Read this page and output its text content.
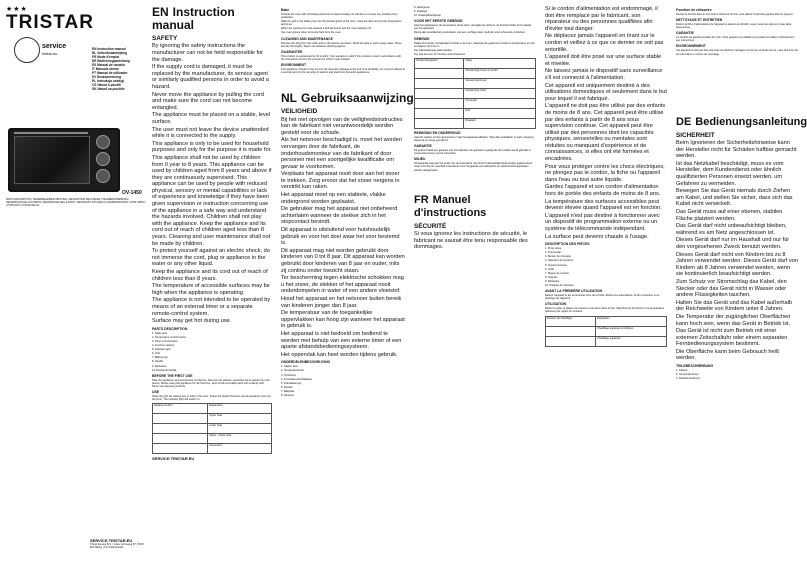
★★★
TRISTAR
service
tristar.eu
EN Instruction manual
NL Gebruiksaanwijzing
FR Mode d'emploi
DE Bedienungsanleitung
ES Manual de usuario
IT Manuale utente
PT Manual de utilizador
SV Bruksanvisning
PL Instrukcja obsługi
CS Návod k použití
SK Návod na použitie
OV-1450
PARTS DESCRIPTION | ONDERDELENBESCHRIJVING | DESCRIPTION DES PIÈCES | TEILEBESCHREIBUNG | DESCRIPCIÓN DE LAS PIEZAS | DESCRIZIONE DELLE PARTI | DESCRIÇÃO DAS PEÇAS | DELBESKRIVNING | OPIS CZĘŚCI | POPIS DÍLŮ | POPIS DIELOV
SERVICE.TRISTAR.EU
Tristar Europe B.V. | Jules Verneweg 87 | 5015 BH Tilburg | The Netherlands
EN Instruction manual
SAFETY
By ignoring the safety instructions the manufacturer can not be held responsible for the damage.
If the supply cord is damaged, it must be replaced by the manufacturer, its service agent or similarly qualified persons in order to avoid a hazard.
Never move the appliance by pulling the cord and make sure the cord can not become entangled.
The appliance must be placed on a stable, level surface.
The user must not leave the device unattended while it is connected to the supply.
This appliance is only to be used for household purposes and only for the purpose it is made for.
This appliance shall not be used by children from 0 year to 8 years. This appliance can be used by children aged from 8 years and above if they are continuously supervised. This appliance can be used by people with reduced physical, sensory or mental capabilities or lack of experience and knowledge if they have been given supervision or instruction concerning use of the appliance in a safe way and understand the hazards involved. Children shall not play with the appliance. Keep the appliance and its cord out of reach of children aged less than 8 years. Cleaning and user maintenance shall not be made by children.
To protect yourself against an electric shock, do not immerse the cord, plug or appliance in the water or any other liquid.
Keep the appliance and its cord out of reach of children less than 8 years.
The temperature of accessible surfaces may be high when the appliance is operating.
The appliance is not intended to be operated by means of an external timer or a separate remote-control system.
Surface may get hot during use.
PARTS DESCRIPTION
1. Glass door
2. Temperature control button
3. Timer control button
4. Function selector
5. Indicator light
6. Grill
7. Baking tray
8. Handle
9. Rotisserie
10. Rotisserie handle
BEFORE THE FIRST USE
Take the appliance and accessories out the box. Remove the stickers, protective foil or plastic from the device. Before using the appliance for the first time, wipe off all removable parts with a damp cloth. Never use abrasive products.
USE
Place the grill, the baking tray or both in the oven. Select the desired function and temperature, then set the timer. The indicator light will switch on.
Heating position	Explanation
	Upper heat
	Lower heat
	Upper + lower heat
	Convection
SERVICE.TRISTAR.EU
Bake
Preheat the oven with all heating elements for approximately 10 minutes to remove any residues from production.
Slide the grill or the baking tray into the desired guide of the oven, close the door and set the temperature and timer.
When the cooking time has elapsed a bell will sound and the oven switches off.
Use oven gloves when removing food from the oven.
CLEANING AND MAINTENANCE
Remove the plug from the outlet and let the device cool down. Wash all parts in warm soapy water. Rinse and dry thoroughly. Never use abrasive cleaning agents.
GUARANTEE
This product is guaranteed for 24 months. Your warranty is valid if the product is used in accordance with the instructions and for the purpose for which it was created.
ENVIRONMENT
This appliance should not be put into the domestic garbage at the end of its durability, but must be offered at a central point for the recycling of electric and electronic domestic appliances.
NL Gebruiksaanwijzing
VEILIGHEID
Bij het niet opvolgen van de veiligheidsinstructies kan de fabrikant niet verantwoordelijk worden gesteld voor de schade.
Als het netsnoer beschadigd is, moet het worden vervangen door de fabrikant, de onderhoudsmonteur van de fabrikant of door personen met een soortgelijke kwalificatie om gevaar te voorkomen.
Verplaats het apparaat nooit door aan het snoer te trekken. Zorg ervoor dat het snoer nergens in verstrikt kan raken.
Het apparaat moet op een stabiele, vlakke ondergrond worden geplaatst.
De gebruiker mag het apparaat niet onbeheerd achterlaten wanneer de stekker zich in het stopcontact bevindt.
Dit apparaat is uitsluitend voor huishoudelijk gebruik en voor het doel waar het voor bestemd is.
Dit apparaat mag niet worden gebruikt door kinderen van 0 tot 8 jaar. Dit apparaat kan worden gebruikt door kinderen van 8 jaar en ouder, mits zij continu onder toezicht staan.
Ter bescherming tegen elektrische schokken mag u het snoer, de stekker of het apparaat nooit onderdompelen in water of een andere vloeistof.
Houd het apparaat en het netsnoer buiten bereik van kinderen jonger dan 8 jaar.
De temperatuur van de toegankelijke oppervlakken kan hoog zijn wanneer het apparaat in gebruik is.
Het apparaat is niet bedoeld om bediend te worden met behulp van een externe timer of een aparte afstandsbedieningssysteem.
Het oppervlak kan heet worden tijdens gebruik.
ONDERDELENBESCHRIJVING
1. Glazen deur
2. Temperatuurknop
3. Timerknop
4. Functiekeuzeschakelaar
5. Indicatielampje
6. Rooster
7. Bakplaat
8. Handvat
8. Handgreep
9. Draaispit
10. Draaispithandgreep
VOOR HET EERSTE GEBRUIK
Haal het apparaat en de accessoires uit de doos. Verwijder de stickers, de beschermfolie of het plastic van het apparaat.
Reinig alle verwijderbare onderdelen met een vochtige doek. Gebruik nooit schurende producten.
GEBRUIK
Plaats het rooster, de bakplaat of beide in de oven. Selecteer de gewenste functie en temperatuur en stel vervolgens de timer in.
Het indicatielampje gaat branden.
Tip: laat de oven 10 minuten voorverwarmen.
Verwarmingsstand	Uitleg
	Verwarming boven en onder
	Verwarming boven
	Verwarming onder
	Convectie
	Grill
	Draaispit
REINIGING EN ONDERHOUD
Haal de stekker uit het stopcontact en laat het apparaat afkoelen. Was alle onderdelen in warm zeepsop. Spoel na en droog grondig af.
GARANTIE
Dit product heeft een garantie van 24 maanden. De garantie is geldig als het product wordt gebruikt in overeenstemming met de instructies.
MILIEU
Dit apparaat mag aan het einde van de levensduur niet bij het huishoudelijk afval worden gedeponeerd, maar moet bij een speciaal inzamelpunt voor hergebruik van elektrische en elektronische apparaten worden aangeboden.
FR Manuel d'instructions
SÉCURITÉ
Si vous ignorez les instructions de sécurité, le fabricant ne saurait être tenu responsable des dommages.
Si le cordon d'alimentation est endommagé, il doit être remplacé par le fabricant, son réparateur ou des personnes qualifiées afin d'éviter tout danger.
Ne déplacez jamais l'appareil en tirant sur le cordon et veillez à ce que ce dernier ne soit pas entortillé.
L'appareil doit être posé sur une surface stable et nivelée.
Ne laissez jamais le dispositif sans surveillance s'il est connecté à l'alimentation.
Cet appareil est uniquement destiné à des utilisations domestiques et seulement dans le but pour lequel il est fabriqué.
L'appareil ne doit pas être utilisé par des enfants de moins de 8 ans. Cet appareil peut être utilisé par des enfants à partir de 8 ans sous supervision continue. Cet appareil peut être utilisé par des personnes dont les capacités physiques, sensorielles ou mentales sont réduites ou manquant d'expérience et de connaissances, si elles ont été formées et encadrées.
Pour vous protéger contre les chocs électriques, ne plongez pas le cordon, la fiche ou l'appareil dans l'eau ou tout autre liquide.
Gardez l'appareil et son cordon d'alimentation hors de portée des enfants de moins de 8 ans.
La température des surfaces accessibles peut devenir élevée quand l'appareil est en fonction.
L'appareil n'est pas destiné à fonctionner avec un dispositif de programmation externe ou un système de télécommande indépendant.
La surface peut devenir chaude à l'usage.
DESCRIPTION DES PIÈCES
1. Porte vitrée
2. Thermostat
3. Bouton de minuterie
4. Sélecteur de fonctions
5. Voyant lumineux
6. Grille
7. Plaque de cuisson
8. Poignée
9. Rôtissoire
10. Poignée de rôtissoire
AVANT LA PREMIÈRE UTILISATION
Retirez l'appareil et les accessoires hors de la boîte. Retirez les autocollants, le film protecteur ou le plastique de l'appareil.
UTILISATION
Placez la grille, la plaque de cuisson ou les deux dans le four. Sélectionnez la fonction et la température désirées puis réglez la minuterie.
Position de chauffage	Explication
	Chauffage supérieur et inférieur
	Chauffage supérieur
Fonction de rôtissoire
Insérez la broche dans le trou droit à l'intérieur du four, puis placez l'extrémité gauche dans le support.
NETTOYAGE ET ENTRETIEN
Retirez la fiche d'alimentation de l'appareil et laissez-le refroidir. Lavez toutes les pièces à l'eau tiède savonneuse.
GARANTIE
Ce produit est garanti pendant 24 mois. Votre garantie est valable si le produit est utilisé conformément aux instructions.
ENVIRONNEMENT
Cet appareil ne doit pas être jeté avec les déchets ménagers à la fin de sa durée de vie, mais doit être mis au rebut dans un centre de recyclage.
DE Bedienungsanleitung
SICHERHEIT
Beim Ignorieren der Sicherheitshinweise kann der Hersteller nicht für Schäden haftbar gemacht werden.
Ist das Netzkabel beschädigt, muss es vom Hersteller, dem Kundendienst oder ähnlich qualifizierten Personen ersetzt werden, um Gefahren zu vermeiden.
Bewegen Sie das Gerät niemals durch Ziehen am Kabel, und stellen Sie sicher, dass sich das Kabel nicht verwickelt.
Das Gerät muss auf einer ebenen, stabilen Fläche platziert werden.
Das Gerät darf nicht unbeaufsichtigt bleiben, während es am Netz angeschlossen ist.
Dieses Gerät darf nur im Haushalt und nur für den vorgesehenen Zweck benutzt werden.
Dieses Gerät darf nicht von Kindern bis zu 8 Jahren verwendet werden. Dieses Gerät darf von Kindern ab 8 Jahren verwendet werden, wenn sie kontinuierlich beaufsichtigt werden.
Zum Schutz vor Stromschlag das Kabel, den Stecker oder das Gerät nicht in Wasser oder andere Flüssigkeiten tauchen.
Halten Sie das Gerät und das Kabel außerhalb der Reichweite von Kindern unter 8 Jahren.
Die Temperatur der zugänglichen Oberflächen kann hoch sein, wenn das Gerät in Betrieb ist.
Das Gerät ist nicht zum Betrieb mit einer externen Zeitschaltuhr oder einem separaten Fernbedienungssystem bestimmt.
Die Oberfläche kann beim Gebrauch heiß werden.
TEILEBESCHREIBUNG
1. Glastür
2. Temperaturknopf
3. Heizelementknopf
